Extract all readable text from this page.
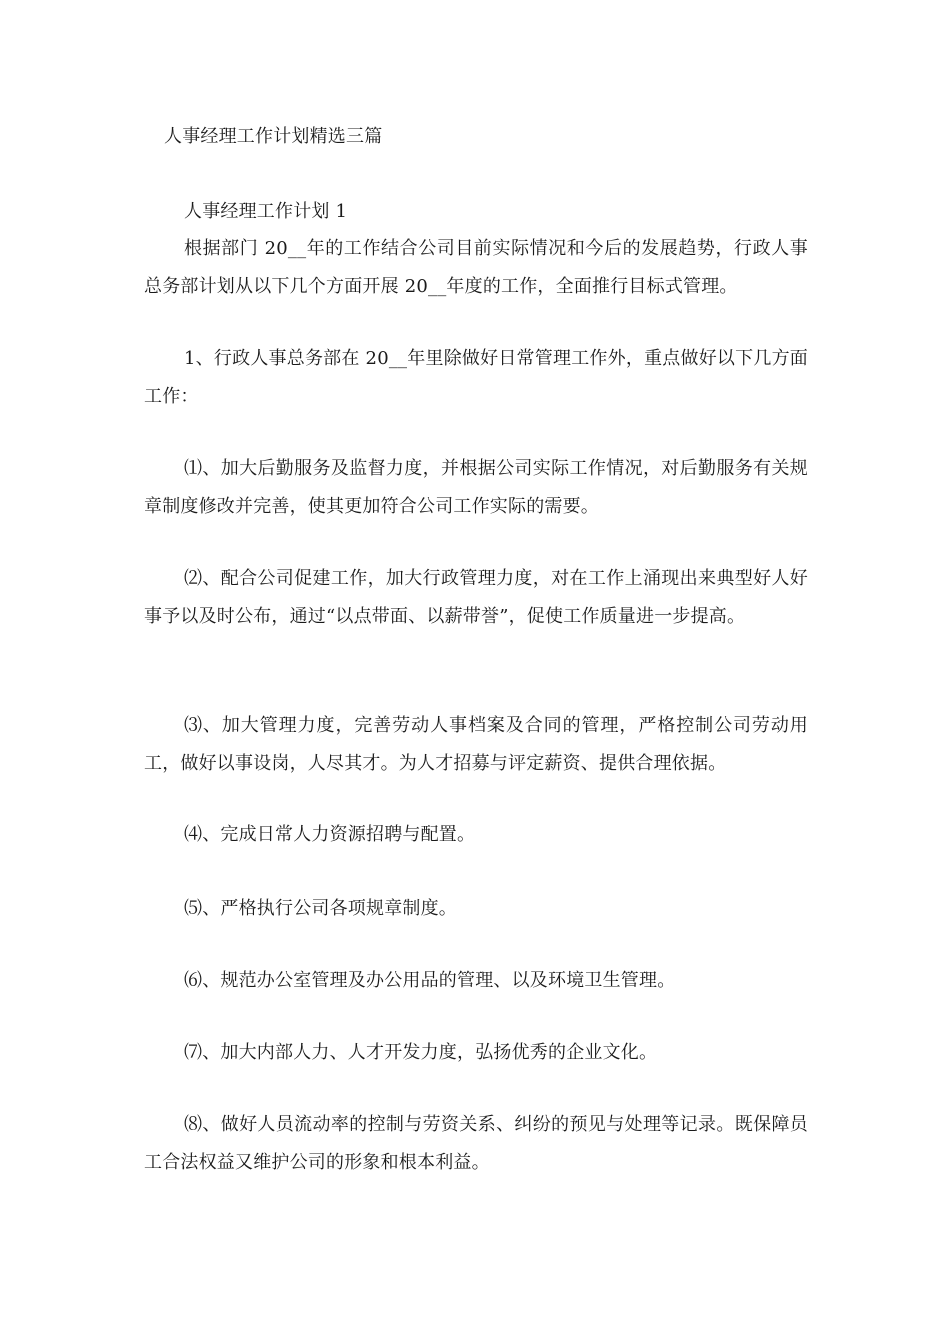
人事经理工作计划精选三篇
人事经理工作计划 1
根据部门 20__年的工作结合公司目前实际情况和今后的发展趋势，行政人事总务部计划从以下几个方面开展 20__年度的工作，全面推行目标式管理。
1、行政人事总务部在 20__年里除做好日常管理工作外，重点做好以下几方面工作：
⑴、加大后勤服务及监督力度，并根据公司实际工作情况，对后勤服务有关规章制度修改并完善，使其更加符合公司工作实际的需要。
⑵、配合公司促建工作，加大行政管理力度，对在工作上涌现出来典型好人好事予以及时公布，通过“以点带面、以薪带誉”，促使工作质量进一步提高。
⑶、加大管理力度，完善劳动人事档案及合同的管理，严格控制公司劳动用工，做好以事设岗，人尽其才。为人才招募与评定薪资、提供合理依据。
⑷、完成日常人力资源招聘与配置。
⑸、严格执行公司各项规章制度。
⑹、规范办公室管理及办公用品的管理、以及环境卫生管理。
⑺、加大内部人力、人才开发力度，弘扬优秀的企业文化。
⑻、做好人员流动率的控制与劳资关系、纠纷的预见与处理等记录。既保障员工合法权益又维护公司的形象和根本利益。
